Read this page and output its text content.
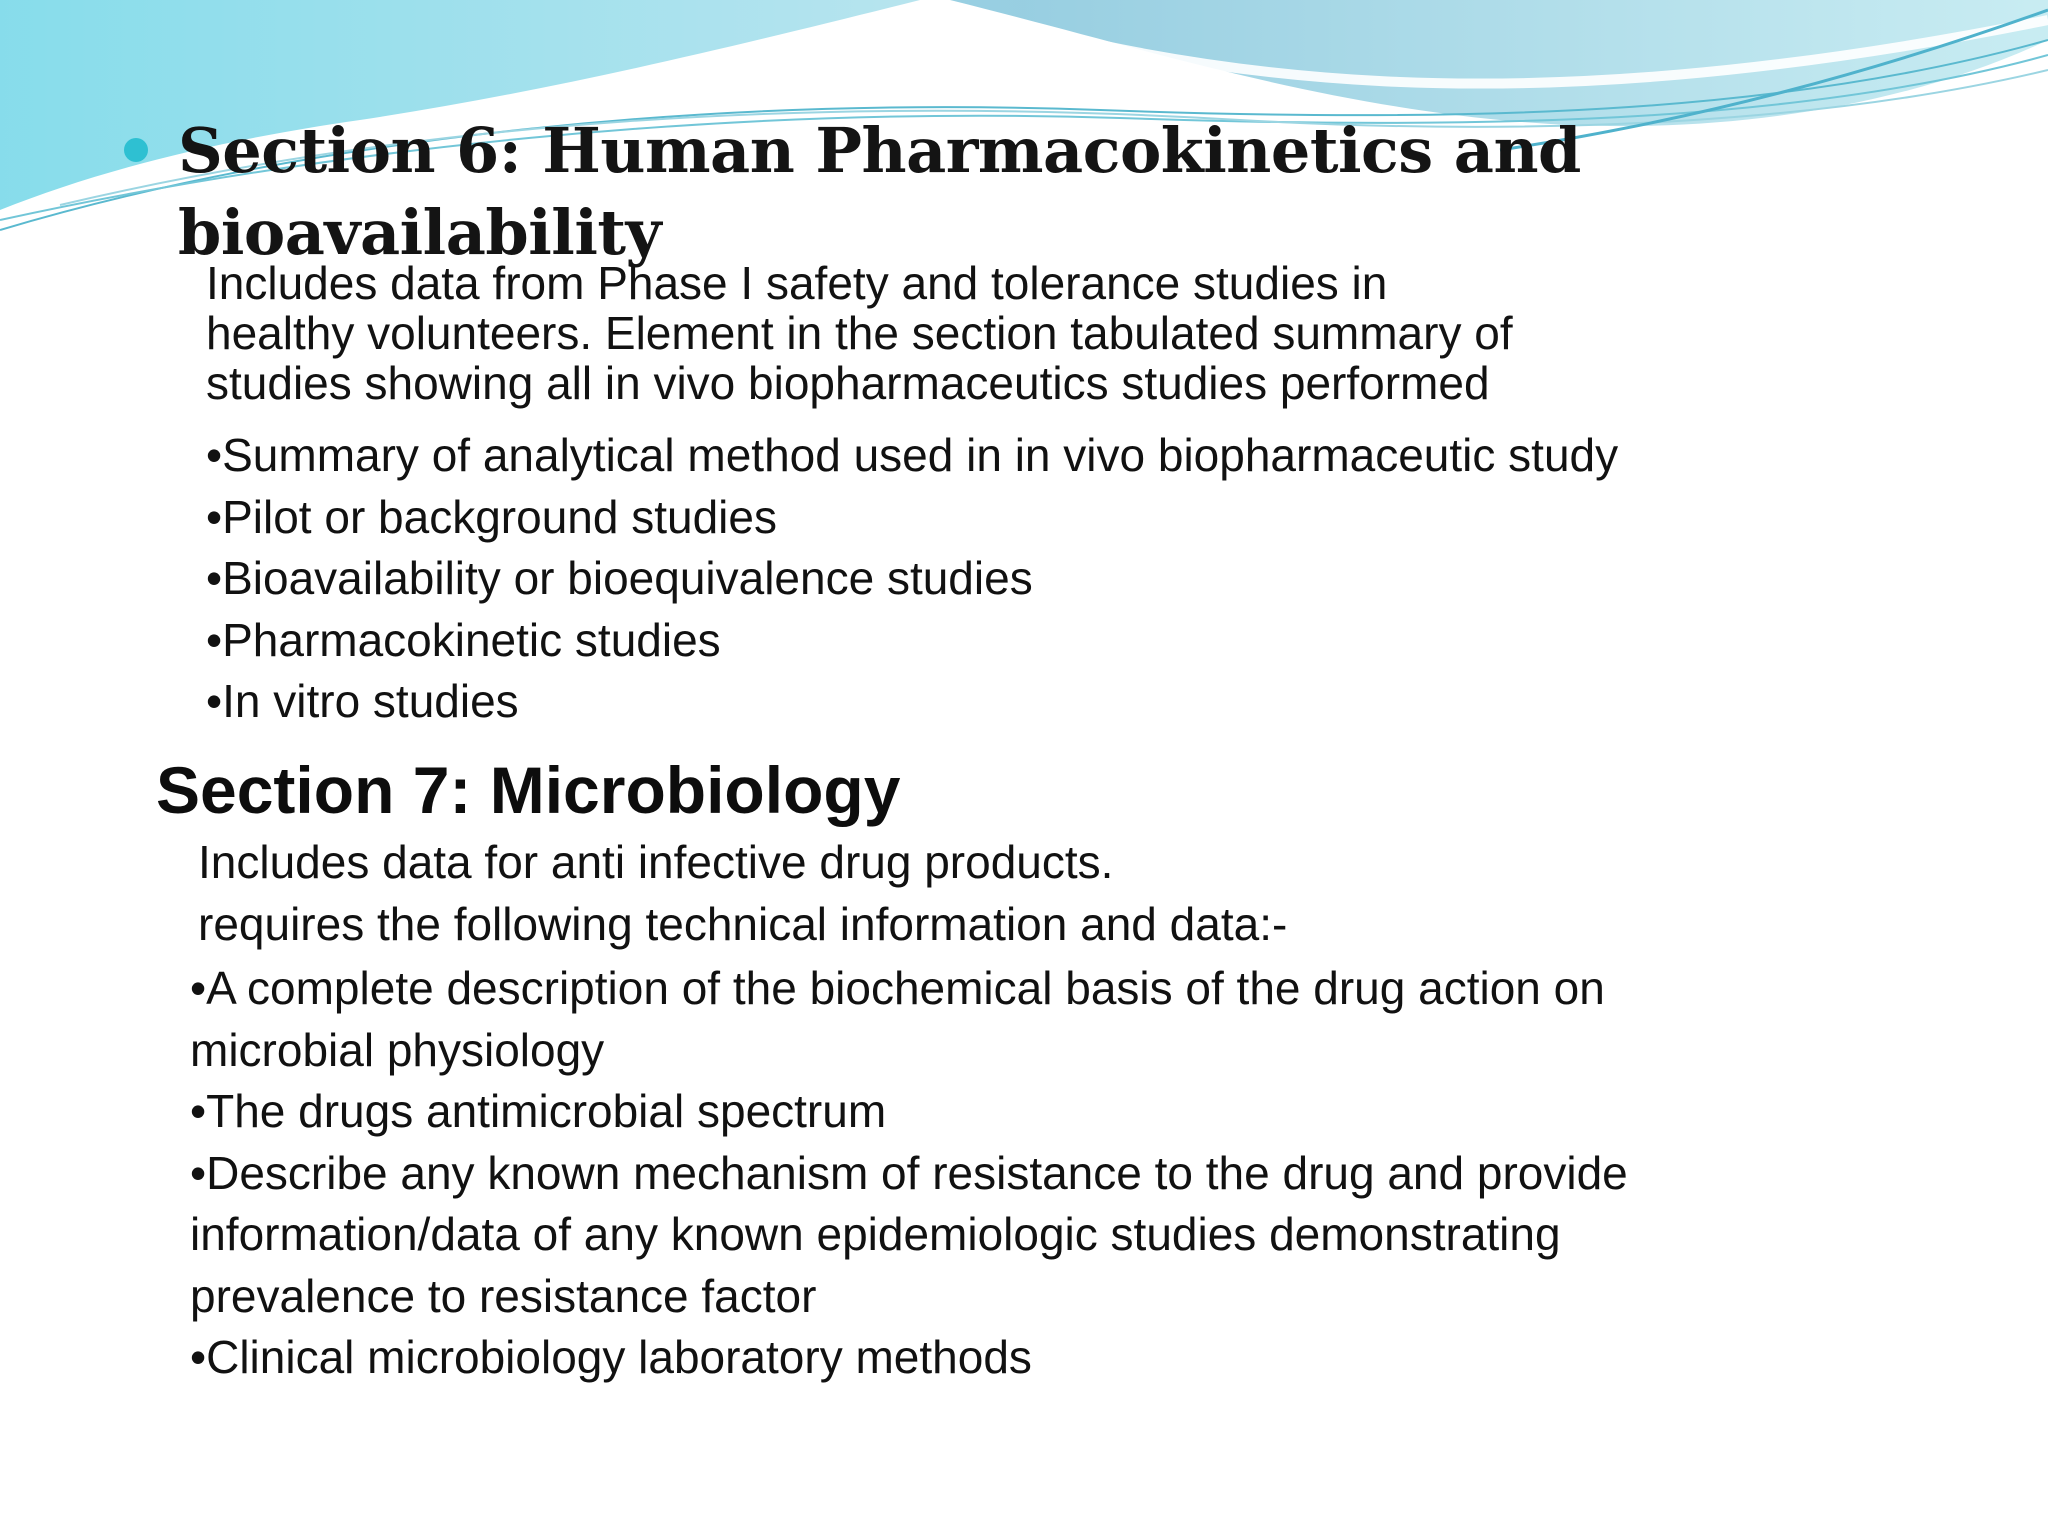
Section 6: Human Pharmacokinetics and
bioavailability
Includes data from Phase I safety and tolerance studies in
healthy volunteers. Element in the section tabulated summary of
studies showing all in vivo biopharmaceutics studies performed
•Summary of analytical method used in in vivo biopharmaceutic study
•Pilot or background studies
•Bioavailability or bioequivalence studies
•Pharmacokinetic studies
•In vitro studies
Section 7: Microbiology
Includes data for anti infective drug products.
requires the following technical information and data:-
•A complete description of the biochemical basis of the drug action on
microbial physiology
•The drugs antimicrobial spectrum
•Describe any known mechanism of resistance to the drug and provide
information/data of any known epidemiologic studies demonstrating
prevalence to resistance factor
•Clinical microbiology laboratory methods
